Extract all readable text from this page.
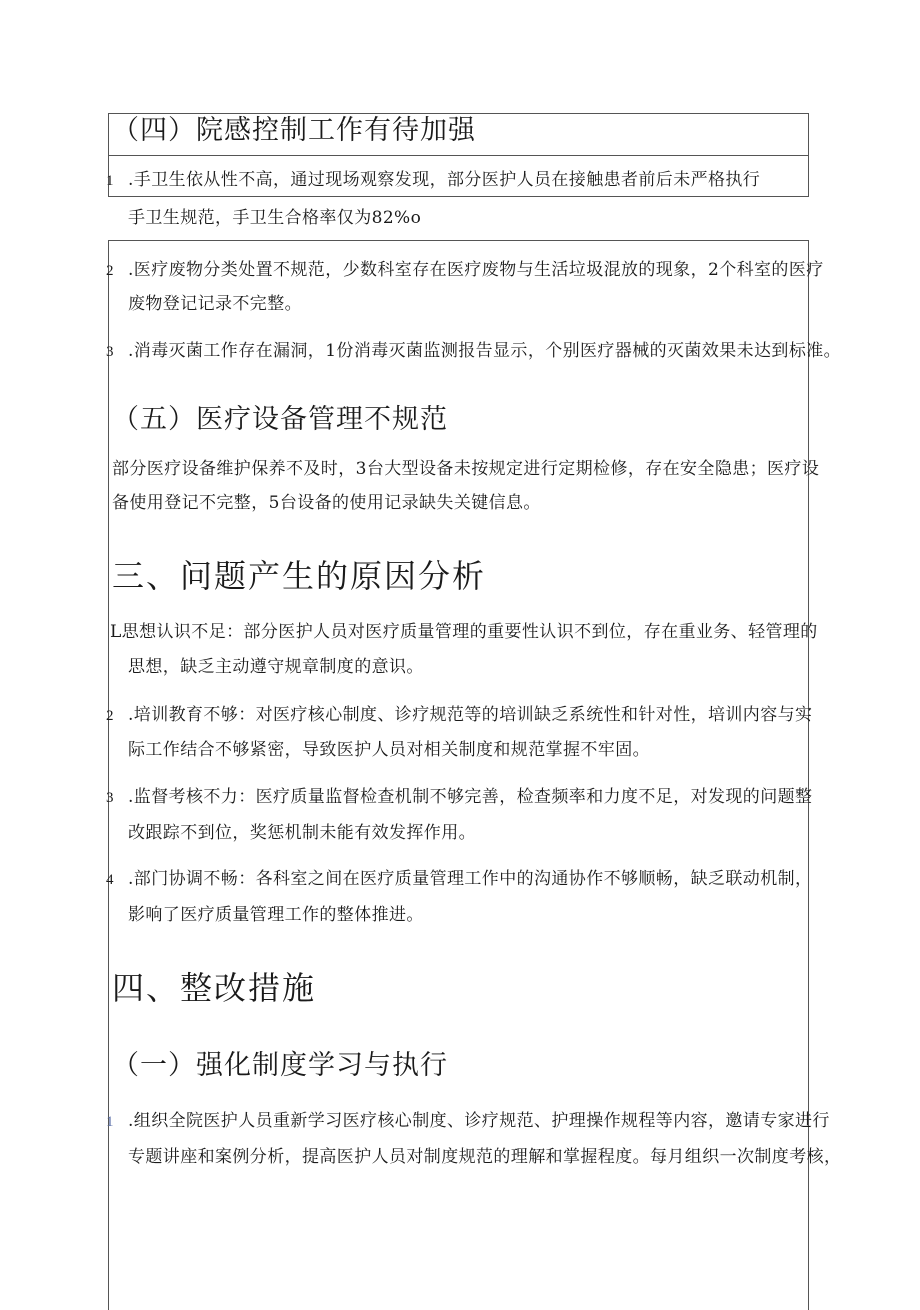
（四）院感控制工作有待加强
1 .手卫生依从性不高，通过现场观察发现，部分医护人员在接触患者前后未严格执行
手卫生规范，手卫生合格率仅为82%o
2 .医疗废物分类处置不规范，少数科室存在医疗废物与生活垃圾混放的现象，2个科室的医疗
废物登记记录不完整。
3 .消毒灭菌工作存在漏洞，1份消毒灭菌监测报告显示，个别医疗器械的灭菌效果未达到标准。
（五）医疗设备管理不规范
部分医疗设备维护保养不及时，3台大型设备未按规定进行定期检修，存在安全隐患；医疗设
备使用登记不完整，5台设备的使用记录缺失关键信息。
三、问题产生的原因分析
L思想认识不足：部分医护人员对医疗质量管理的重要性认识不到位，存在重业务、轻管理的
思想，缺乏主动遵守规章制度的意识。
2 .培训教育不够：对医疗核心制度、诊疗规范等的培训缺乏系统性和针对性，培训内容与实
际工作结合不够紧密，导致医护人员对相关制度和规范掌握不牢固。
3 .监督考核不力：医疗质量监督检查机制不够完善，检查频率和力度不足，对发现的问题整
改跟踪不到位，奖惩机制未能有效发挥作用。
4 .部门协调不畅：各科室之间在医疗质量管理工作中的沟通协作不够顺畅，缺乏联动机制，
影响了医疗质量管理工作的整体推进。
四、整改措施
（一）强化制度学习与执行
1 .组织全院医护人员重新学习医疗核心制度、诊疗规范、护理操作规程等内容，邀请专家进行
专题讲座和案例分析，提高医护人员对制度规范的理解和掌握程度。每月组织一次制度考核，
